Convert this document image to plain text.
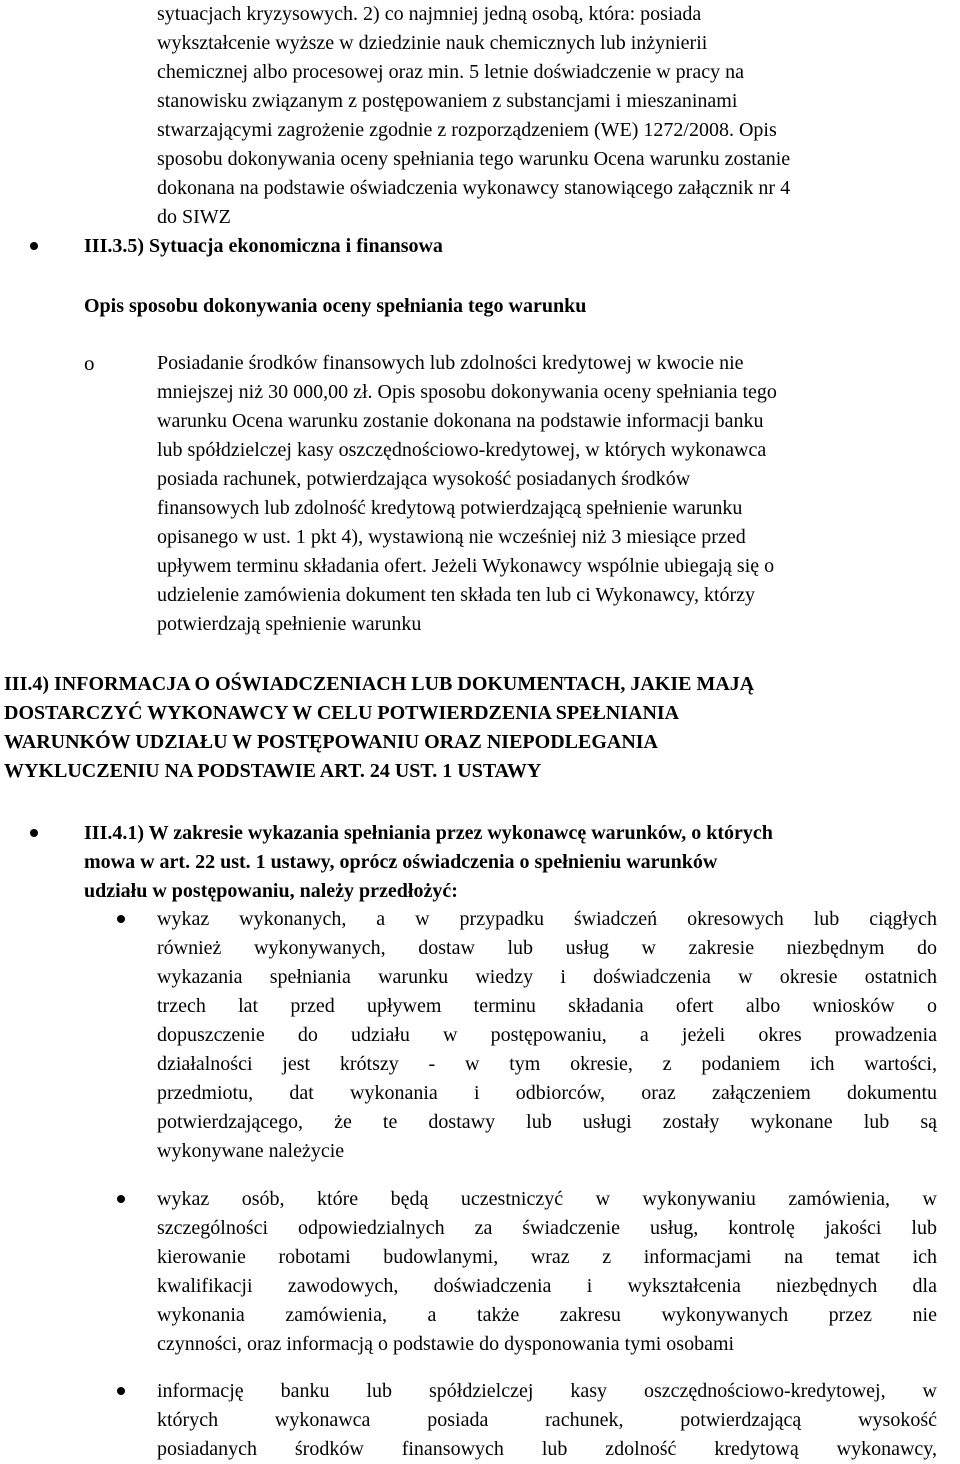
sytuacjach kryzysowych. 2) co najmniej jedną osobą, która: posiada
wykształcenie wyższe w dziedzinie nauk chemicznych lub inżynierii
chemicznej albo procesowej oraz min. 5 letnie doświadczenie w pracy na
stanowisku związanym z postępowaniem z substancjami i mieszaninami
stwarzającymi zagrożenie zgodnie z rozporządzeniem (WE) 1272/2008. Opis
sposobu dokonywania oceny spełniania tego warunku Ocena warunku zostanie
dokonana na podstawie oświadczenia wykonawcy stanowiącego załącznik nr 4
do SIWZ
III.3.5) Sytuacja ekonomiczna i finansowa
Opis sposobu dokonywania oceny spełniania tego warunku
o	Posiadanie środków finansowych lub zdolności kredytowej w kwocie nie
mniejszej niż 30 000,00 zł. Opis sposobu dokonywania oceny spełniania tego
warunku Ocena warunku zostanie dokonana na podstawie informacji banku
lub spółdzielczej kasy oszczędnościowo-kredytowej, w których wykonawca
posiada rachunek, potwierdzająca wysokość posiadanych środków
finansowych lub zdolność kredytową potwierdzającą spełnienie warunku
opisanego w ust. 1 pkt 4), wystawioną nie wcześniej niż 3 miesiące przed
upływem terminu składania ofert. Jeżeli Wykonawcy wspólnie ubiegają się o
udzielenie zamówienia dokument ten składa ten lub ci Wykonawcy, którzy
potwierdzają spełnienie warunku
III.4) INFORMACJA O OŚWIADCZENIACH LUB DOKUMENTACH, JAKIE MAJĄ
DOSTARCZYĆ WYKONAWCY W CELU POTWIERDZENIA SPEŁNIANIA
WARUNKÓW UDZIAŁU W POSTĘPOWANIU ORAZ NIEPODLEGANIA
WYKLUCZENIU NA PODSTAWIE ART. 24 UST. 1 USTAWY
III.4.1) W zakresie wykazania spełniania przez wykonawcę warunków, o których
mowa w art. 22 ust. 1 ustawy, oprócz oświadczenia o spełnieniu warunków
udziału w postępowaniu, należy przedłożyć:
wykaz wykonanych, a w przypadku świadczeń okresowych lub ciągłych
również wykonywanych, dostaw lub usług w zakresie niezbędnym do
wykazania spełniania warunku wiedzy i doświadczenia w okresie ostatnich
trzech lat przed upływem terminu składania ofert albo wniosków o
dopuszczenie do udziału w postępowaniu, a jeżeli okres prowadzenia
działalności jest krótszy - w tym okresie, z podaniem ich wartości,
przedmiotu, dat wykonania i odbiorców, oraz załączeniem dokumentu
potwierdzającego, że te dostawy lub usługi zostały wykonane lub są
wykonywane należycie
wykaz osób, które będą uczestniczyć w wykonywaniu zamówienia, w
szczególności odpowiedzialnych za świadczenie usług, kontrolę jakości lub
kierowanie robotami budowlanymi, wraz z informacjami na temat ich
kwalifikacji zawodowych, doświadczenia i wykształcenia niezbędnych dla
wykonania zamówienia, a także zakresu wykonywanych przez nie
czynności, oraz informacją o podstawie do dysponowania tymi osobami
informację banku lub spółdzielczej kasy oszczędnościowo-kredytowej, w
których wykonawca posiada rachunek, potwierdzającą wysokość
posiadanych środków finansowych lub zdolność kredytową wykonawcy,
